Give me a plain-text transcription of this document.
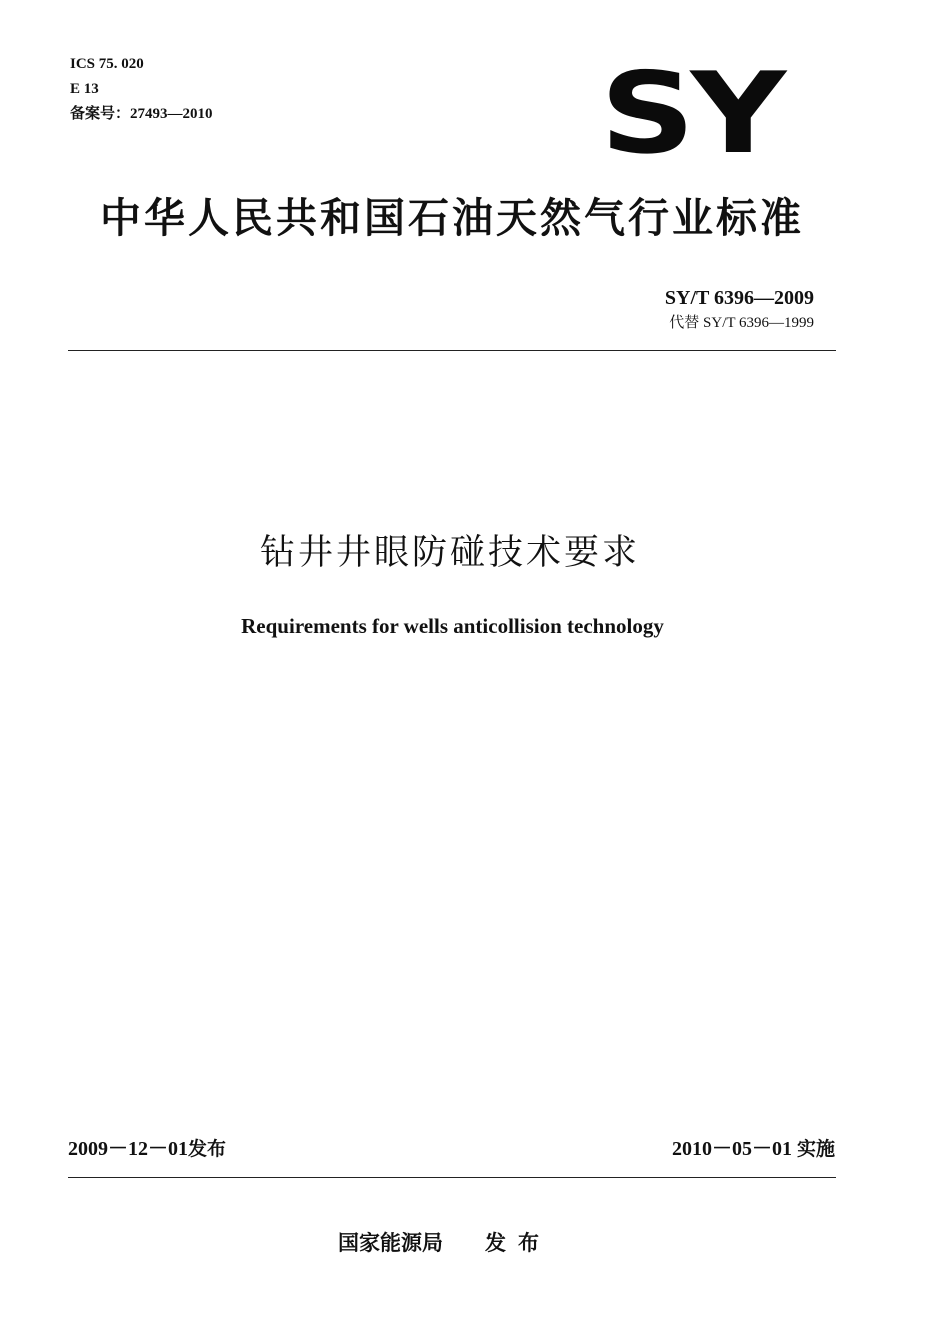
ICS 75. 020
E 13
备案号：27493—2010	SY
中华人民共和国石油天然气行业标准
SY/T 6396—2009
代替 SY/T 6396—1999
钻井井眼防碰技术要求
Requirements for wells anticollision technology
2009－12－01发布	2010－05－01 实施
国家能源局 发布
